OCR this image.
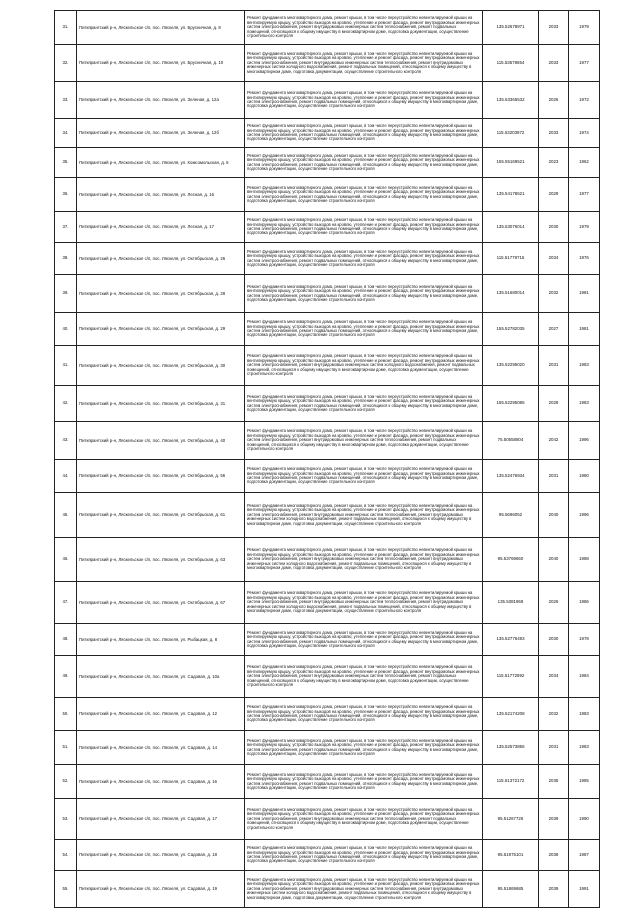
31.	Питкярантский р-н, Ляскельское с/п, пос. Ляскеля, ул. Брусничная, д. 8	Ремонт фундамента многоквартирного дома, ремонт крыши, в том числе переустройство невентилируемой крыши на вентилируемую крышу, устройство выходов на кровлю, утепление и ремонт фасада, ремонт внутридомовых инженерных систем электроснабжения, ремонт внутридомовых инженерных систем теплоснабжения, ремонт подвальных помещений, относящихся к общему имуществу в многоквартирном доме, подготовка документации, осуществление строительного контроля	135.52678971	2033	1979
32.	Питкярантский р-н, Ляскельское с/п, пос. Ляскеля, ул. Брусничная, д. 10	Ремонт фундамента многоквартирного дома, ремонт крыши, в том числе переустройство невентилируемой крыши на вентилируемую крышу, устройство выходов на кровлю, утепление и ремонт фасада, ремонт внутридомовых инженерных систем электроснабжения, ремонт внутридомовых инженерных систем теплоснабжения, ремонт внутридомовых инженерных систем холодного водоснабжения, ремонт подвальных помещений, относящихся к общему имуществу в многоквартирном доме, подготовка документации, осуществление строительного контроля	115.53578654	2033	1977
33.	Питкярантский р-н, Ляскельское с/п, пос. Ляскеля, ул. Зеленая, д. 12а	Ремонт фундамента многоквартирного дома, ремонт крыши, в том числе переустройство невентилируемой крыши на вентилируемую крышу, устройство выходов на кровлю, утепление и ремонт фасада, ремонт внутридомовых инженерных систем электроснабжения, ремонт подвальных помещений, относящихся к общему имуществу в многоквартирном доме, подготовка документации, осуществление строительного контроля	135.53365532	2026	1972
34.	Питкярантский р-н, Ляскельское с/п, пос. Ляскеля, ул. Зеленая, д. 12б	Ремонт фундамента многоквартирного дома, ремонт крыши, в том числе переустройство невентилируемой крыши на вентилируемую крышу, устройство выходов на кровлю, утепление и ремонт фасада, ремонт внутридомовых инженерных систем электроснабжения, ремонт подвальных помещений, относящихся к общему имуществу в многоквартирном доме, подготовка документации, осуществление строительного контроля	115.53203972	2033	1974
35.	Питкярантский р-н, Ляскельское с/п, пос. Ляскеля, ул. Комсомольская, д. 6	Ремонт фундамента многоквартирного дома, ремонт крыши, в том числе переустройство невентилируемой крыши на вентилируемую крышу, устройство выходов на кровлю, утепление и ремонт фасада, ремонт внутридомовых инженерных систем электроснабжения, ремонт подвальных помещений, относящихся к общему имуществу в многоквартирном доме, подготовка документации, осуществление строительного контроля	155.55169521	2023	1962
36.	Питкярантский р-н, Ляскельское с/п, пос. Ляскеля, ул. Лесная, д. 16	Ремонт фундамента многоквартирного дома, ремонт крыши, в том числе переустройство невентилируемой крыши на вентилируемую крышу, устройство выходов на кровлю, утепление и ремонт фасада, ремонт внутридомовых инженерных систем электроснабжения, ремонт подвальных помещений, относящихся к общему имуществу в многоквартирном доме, подготовка документации, осуществление строительного контроля	135.54178621	2029	1977
37.	Питкярантский р-н, Ляскельское с/п, пос. Ляскеля, ул. Лесная, д. 17	Ремонт фундамента многоквартирного дома, ремонт крыши, в том числе переустройство невентилируемой крыши на вентилируемую крышу, устройство выходов на кровлю, утепление и ремонт фасада, ремонт внутридомовых инженерных систем электроснабжения, ремонт подвальных помещений, относящихся к общему имуществу в многоквартирном доме, подготовка документации, осуществление строительного контроля	135.53076014	2030	1979
38.	Питкярантский р-н, Ляскельское с/п, пос. Ляскеля, ул. Октябрьская, д. 26	Ремонт фундамента многоквартирного дома, ремонт крыши, в том числе переустройство невентилируемой крыши на вентилируемую крышу, устройство выходов на кровлю, утепление и ремонт фасада, ремонт внутридомовых инженерных систем электроснабжения, ремонт подвальных помещений, относящихся к общему имуществу в многоквартирном доме, подготовка документации, осуществление строительного контроля	115.51779715	2034	1976
39.	Питкярантский р-н, Ляскельское с/п, пос. Ляскеля, ул. Октябрьская, д. 28	Ремонт фундамента многоквартирного дома, ремонт крыши, в том числе переустройство невентилируемой крыши на вентилируемую крышу, устройство выходов на кровлю, утепление и ремонт фасада, ремонт внутридомовых инженерных систем электроснабжения, ремонт подвальных помещений, относящихся к общему имуществу в многоквартирном доме, подготовка документации, осуществление строительного контроля	135.51680014	2032	1981
40.	Питкярантский р-н, Ляскельское с/п, пос. Ляскеля, ул. Октябрьская, д. 29	Ремонт фундамента многоквартирного дома, ремонт крыши, в том числе переустройство невентилируемой крыши на вентилируемую крышу, устройство выходов на кровлю, утепление и ремонт фасада, ремонт внутридомовых инженерных систем электроснабжения, ремонт подвальных помещений, относящихся к общему имуществу в многоквартирном доме, подготовка документации, осуществление строительного контроля	155.52782035	2027	1981
41.	Питкярантский р-н, Ляскельское с/п, пос. Ляскеля, ул. Октябрьская, д. 30	Ремонт фундамента многоквартирного дома, ремонт крыши, в том числе переустройство невентилируемой крыши на вентилируемую крышу, устройство выходов на кровлю, утепление и ремонт фасада, ремонт внутридомовых инженерных систем электроснабжения, ремонт внутридомовых инженерных систем холодного водоснабжения, ремонт подвальных помещений, относящихся к общему имуществу в многоквартирном доме, подготовка документации, осуществление строительного контроля	135.52295020	2031	1983
42.	Питкярантский р-н, Ляскельское с/п, пос. Ляскеля, ул. Октябрьская, д. 31	Ремонт фундамента многоквартирного дома, ремонт крыши, в том числе переустройство невентилируемой крыши на вентилируемую крышу, устройство выходов на кровлю, утепление и ремонт фасада, ремонт внутридомовых инженерных систем электроснабжения, ремонт подвальных помещений, относящихся к общему имуществу в многоквартирном доме, подготовка документации, осуществление строительного контроля	155.52295085	2028	1983
43.	Питкярантский р-н, Ляскельское с/п, пос. Ляскеля, ул. Октябрьская, д. 40	Ремонт фундамента многоквартирного дома, ремонт крыши, в том числе переустройство невентилируемой крыши на вентилируемую крышу, устройство выходов на кровлю, утепление и ремонт фасада, ремонт внутридомовых инженерных систем электроснабжения, ремонт внутридомовых инженерных систем теплоснабжения, ремонт подвальных помещений, относящихся к общему имуществу в многоквартирном доме, подготовка документации, осуществление строительного контроля	75.50558804	2042	1996
44.	Питкярантский р-н, Ляскельское с/п, пос. Ляскеля, ул. Октябрьская, д. 56	Ремонт фундамента многоквартирного дома, ремонт крыши, в том числе переустройство невентилируемой крыши на вентилируемую крышу, устройство выходов на кровлю, утепление и ремонт фасада, ремонт внутридомовых инженерных систем электроснабжения, ремонт подвальных помещений, относящихся к общему имуществу в многоквартирном доме, подготовка документации, осуществление строительного контроля	135.52476934	2031	1980
45.	Питкярантский р-н, Ляскельское с/п, пос. Ляскеля, ул. Октябрьская, д. 61	Ремонт фундамента многоквартирного дома, ремонт крыши, в том числе переустройство невентилируемой крыши на вентилируемую крышу, устройство выходов на кровлю, утепление и ремонт фасада, ремонт внутридомовых инженерных систем электроснабжения, ремонт внутридомовых инженерных систем теплоснабжения, ремонт внутридомовых инженерных систем холодного водоснабжения, ремонт подвальных помещений, относящихся к общему имуществу в многоквартирном доме, подготовка документации, осуществление строительного контроля	95.5696052	2040	1996
46.	Питкярантский р-н, Ляскельское с/п, пос. Ляскеля, ул. Октябрьская, д. 63	Ремонт фундамента многоквартирного дома, ремонт крыши, в том числе переустройство невентилируемой крыши на вентилируемую крышу, устройство выходов на кровлю, утепление и ремонт фасада, ремонт внутридомовых инженерных систем электроснабжения, ремонт внутридомовых инженерных систем теплоснабжения, ремонт внутридомовых инженерных систем холодного водоснабжения, ремонт подвальных помещений, относящихся к общему имуществу в многоквартирном доме, подготовка документации, осуществление строительного контроля	95.53769660	2040	1988
47.	Питкярантский р-н, Ляскельское с/п, пос. Ляскеля, ул. Октябрьская, д. 67	Ремонт фундамента многоквартирного дома, ремонт крыши, в том числе переустройство невентилируемой крыши на вентилируемую крышу, устройство выходов на кровлю, утепление и ремонт фасада, ремонт внутридомовых инженерных систем электроснабжения, ремонт внутридомовых инженерных систем теплоснабжения, ремонт внутридомовых инженерных систем холодного водоснабжения, ремонт подвальных помещений, относящихся к общему имуществу в многоквартирном доме, подготовка документации, осуществление строительного контроля	135.5381969	2026	1986
48.	Питкярантский р-н, Ляскельское с/п, пос. Ляскеля, ул. Рыбацкая, д. 8	Ремонт фундамента многоквартирного дома, ремонт крыши, в том числе переустройство невентилируемой крыши на вентилируемую крышу, устройство выходов на кровлю, утепление и ремонт фасада, ремонт внутридомовых инженерных систем электроснабжения, ремонт подвальных помещений, относящихся к общему имуществу в многоквартирном доме, подготовка документации, осуществление строительного контроля	135.52776493	2030	1978
49.	Питкярантский р-н, Ляскельское с/п, пос. Ляскеля, ул. Садовая, д. 10а	Ремонт фундамента многоквартирного дома, ремонт крыши, в том числе переустройство невентилируемой крыши на вентилируемую крышу, устройство выходов на кровлю, утепление и ремонт фасада, ремонт внутридомовых инженерных систем электроснабжения, ремонт внутридомовых инженерных систем теплоснабжения, ремонт подвальных помещений, относящихся к общему имуществу в многоквартирном доме, подготовка документации, осуществление строительного контроля	115.51772892	2034	1984
50.	Питкярантский р-н, Ляскельское с/п, пос. Ляскеля, ул. Садовая, д. 12	Ремонт фундамента многоквартирного дома, ремонт крыши, в том числе переустройство невентилируемой крыши на вентилируемую крышу, устройство выходов на кровлю, утепление и ремонт фасада, ремонт внутридомовых инженерных систем электроснабжения, ремонт подвальных помещений, относящихся к общему имуществу в многоквартирном доме, подготовка документации, осуществление строительного контроля	135.52174208	2032	1983
51.	Питкярантский р-н, Ляскельское с/п, пос. Ляскеля, ул. Садовая, д. 14	Ремонт фундамента многоквартирного дома, ремонт крыши, в том числе переустройство невентилируемой крыши на вентилируемую крышу, устройство выходов на кровлю, утепление и ремонт фасада, ремонт внутридомовых инженерных систем электроснабжения, ремонт подвальных помещений, относящихся к общему имуществу в многоквартирном доме, подготовка документации, осуществление строительного контроля	135.52573856	2031	1983
52.	Питкярантский р-н, Ляскельское с/п, пос. Ляскеля, ул. Садовая, д. 16	Ремонт фундамента многоквартирного дома, ремонт крыши, в том числе переустройство невентилируемой крыши на вентилируемую крышу, устройство выходов на кровлю, утепление и ремонт фасада, ремонт внутридомовых инженерных систем электроснабжения, ремонт подвальных помещений, относящихся к общему имуществу в многоквартирном доме, подготовка документации, осуществление строительного контроля	115.51372172	2035	1985
53.	Питкярантский р-н, Ляскельское с/п, пос. Ляскеля, ул. Садовая, д. 17	Ремонт фундамента многоквартирного дома, ремонт крыши, в том числе переустройство невентилируемой крыши на вентилируемую крышу, устройство выходов на кровлю, утепление и ремонт фасада, ремонт внутридомовых инженерных систем электроснабжения, ремонт внутридомовых инженерных систем теплоснабжения, ремонт подвальных помещений, относящихся к общему имуществу в многоквартирном доме, подготовка документации, осуществление строительного контроля	95.51267726	2039	1990
54.	Питкярантский р-н, Ляскельское с/п, пос. Ляскеля, ул. Садовая, д. 18	Ремонт фундамента многоквартирного дома, ремонт крыши, в том числе переустройство невентилируемой крыши на вентилируемую крышу, устройство выходов на кровлю, утепление и ремонт фасада, ремонт внутридомовых инженерных систем электроснабжения, ремонт подвальных помещений, относящихся к общему имуществу в многоквартирном доме, подготовка документации, осуществление строительного контроля	95.51975101	2038	1987
55.	Питкярантский р-н, Ляскельское с/п, пос. Ляскеля, ул. Садовая, д. 19	Ремонт фундамента многоквартирного дома, ремонт крыши, в том числе переустройство невентилируемой крыши на вентилируемую крышу, устройство выходов на кровлю, утепление и ремонт фасада, ремонт внутридомовых инженерных систем электроснабжения, ремонт внутридомовых инженерных систем теплоснабжения, ремонт внутридомовых инженерных систем холодного водоснабжения, ремонт подвальных помещений, относящихся к общему имуществу в многоквартирном доме, подготовка документации, осуществление строительного контроля	95.51869685	2039	1991
